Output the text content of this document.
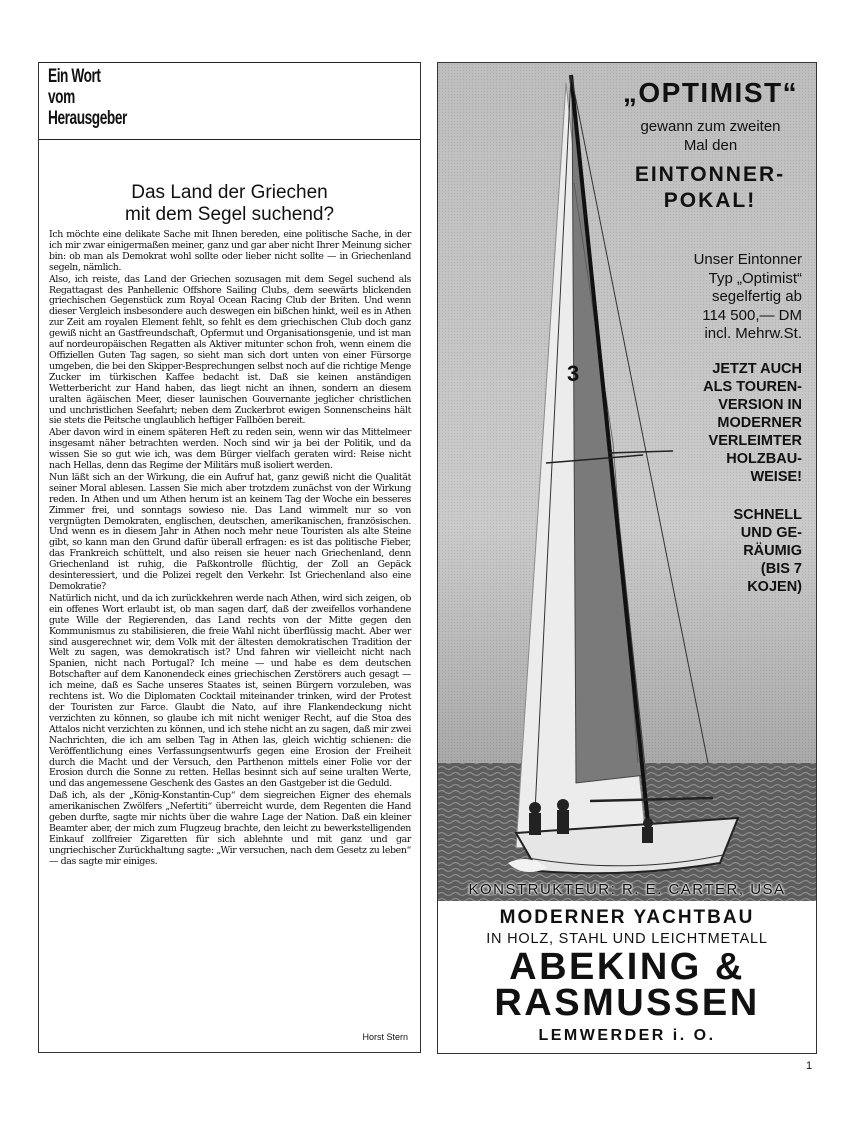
Ein Wort
vom
Herausgeber
Das Land der Griechen
mit dem Segel suchend?

Ich möchte eine delikate Sache mit Ihnen bereden, eine politische Sache, in der ich mir zwar einigermaßen meiner, ganz und gar aber nicht Ihrer Meinung sicher bin: ob man als Demokrat wohl sollte oder lieber nicht sollte — in Griechenland segeln, nämlich.

Also, ich reiste, das Land der Griechen sozusagen mit dem Segel suchend als Regattagast des Panhellenic Offshore Sailing Clubs, dem seewärts blickenden griechischen Gegenstück zum Royal Ocean Racing Club der Briten. Und wenn dieser Vergleich insbesondere auch deswegen ein bißchen hinkt, weil es in Athen zur Zeit am royalen Element fehlt, so fehlt es dem griechischen Club doch ganz gewiß nicht an Gastfreundschaft, Opfermut und Organisationsgenie, und ist man auf nordeuropäischen Regatten als Aktiver mitunter schon froh, wenn einem die Offiziellen Guten Tag sagen, so sieht man sich dort unten von einer Fürsorge umgeben, die bei den Skipper-Besprechungen selbst noch auf die richtige Menge Zucker im türkischen Kaffee bedacht ist. Daß sie keinen anständigen Wetterbericht zur Hand haben, das liegt nicht an ihnen, sondern an diesem uralten ägäischen Meer, dieser launischen Gouvernante jeglicher christlichen und unchristlichen Seefahrt; neben dem Zuckerbrot ewigen Sonnenscheins hält sie stets die Peitsche unglaublich heftiger Fallböen bereit.

Aber davon wird in einem späteren Heft zu reden sein, wenn wir das Mittelmeer insgesamt näher betrachten werden. Noch sind wir ja bei der Politik, und da wissen Sie so gut wie ich, was dem Bürger vielfach geraten wird: Reise nicht nach Hellas, denn das Regime der Militärs muß isoliert werden.

Nun läßt sich an der Wirkung, die ein Aufruf hat, ganz gewiß nicht die Qualität seiner Moral ablesen. Lassen Sie mich aber trotzdem zunächst von der Wirkung reden. In Athen und um Athen herum ist an keinem Tag der Woche ein besseres Zimmer frei, und sonntags sowieso nie. Das Land wimmelt nur so von vergnügten Demokraten, englischen, deutschen, amerikanischen, französischen. Und wenn es in diesem Jahr in Athen noch mehr neue Touristen als alte Steine gibt, so kann man den Grund dafür überall erfragen: es ist das politische Fieber, das Frankreich schüttelt, und also reisen sie heuer nach Griechenland, denn Griechenland ist ruhig, die Paßkontrolle flüchtig, der Zoll an Gepäck desinteressiert, und die Polizei regelt den Verkehr. Ist Griechenland also eine Demokratie?

Natürlich nicht, und da ich zurückkehren werde nach Athen, wird sich zeigen, ob ein offenes Wort erlaubt ist, ob man sagen darf, daß der zweifellos vorhandene gute Wille der Regierenden, das Land rechts von der Mitte gegen den Kommunismus zu stabilisieren, die freie Wahl nicht überflüssig macht. Aber wer sind ausgerechnet wir, dem Volk mit der ältesten demokratischen Tradition der Welt zu sagen, was demokratisch ist? Und fahren wir vielleicht nicht nach Spanien, nicht nach Portugal? Ich meine — und habe es dem deutschen Botschafter auf dem Kanonendeck eines griechischen Zerstörers auch gesagt — ich meine, daß es Sache unseres Staates ist, seinen Bürgern vorzuleben, was rechtens ist. Wo die Diplomaten Cocktail miteinander trinken, wird der Protest der Touristen zur Farce. Glaubt die Nato, auf ihre Flankendeckung nicht verzichten zu können, so glaube ich mit nicht weniger Recht, auf die Stoa des Attalos nicht verzichten zu können, und ich stehe nicht an zu sagen, daß mir zwei Nachrichten, die ich am selben Tag in Athen las, gleich wichtig schienen: die Veröffentlichung eines Verfassungsentwurfs gegen eine Erosion der Freiheit durch die Macht und der Versuch, den Parthenon mittels einer Folie vor der Erosion durch die Sonne zu retten. Hellas besinnt sich auf seine uralten Werte, und das angemessene Geschenk des Gastes an den Gastgeber ist die Geduld.

Daß ich, als der „König-Konstantin-Cup“ dem siegreichen Eigner des ehemals amerikanischen Zwölfers „Nefertiti“ überreicht wurde, dem Regenten die Hand geben durfte, sagte mir nichts über die wahre Lage der Nation. Daß ein kleiner Beamter aber, der mich zum Flugzeug brachte, den leicht zu bewerkstelligenden Einkauf zollfreier Zigaretten für sich ablehnte und mit ganz und gar ungriechischer Zurückhaltung sagte: „Wir versuchen, nach dem Gesetz zu leben“ — das sagte mir einiges.

Horst Stern
3
„OPTIMIST“
gewann zum zweiten
Mal den
EINTONNER-
POKAL!
Unser Eintonner
Typ „Optimist“
segelfertig ab
114 500,— DM
incl. Mehrw.St.
JETZT AUCH
ALS TOUREN-
VERSION IN
MODERNER
VERLEIMTER
HOLZBAU-
WEISE!
SCHNELL
UND GE-
RÄUMIG
(BIS 7
KOJEN)
KONSTRUKTEUR: R. E. CARTER, USA
MODERNER YACHTBAU
IN HOLZ, STAHL UND LEICHTMETALL
ABEKING &
RASMUSSEN
LEMWERDER i. O.
1
